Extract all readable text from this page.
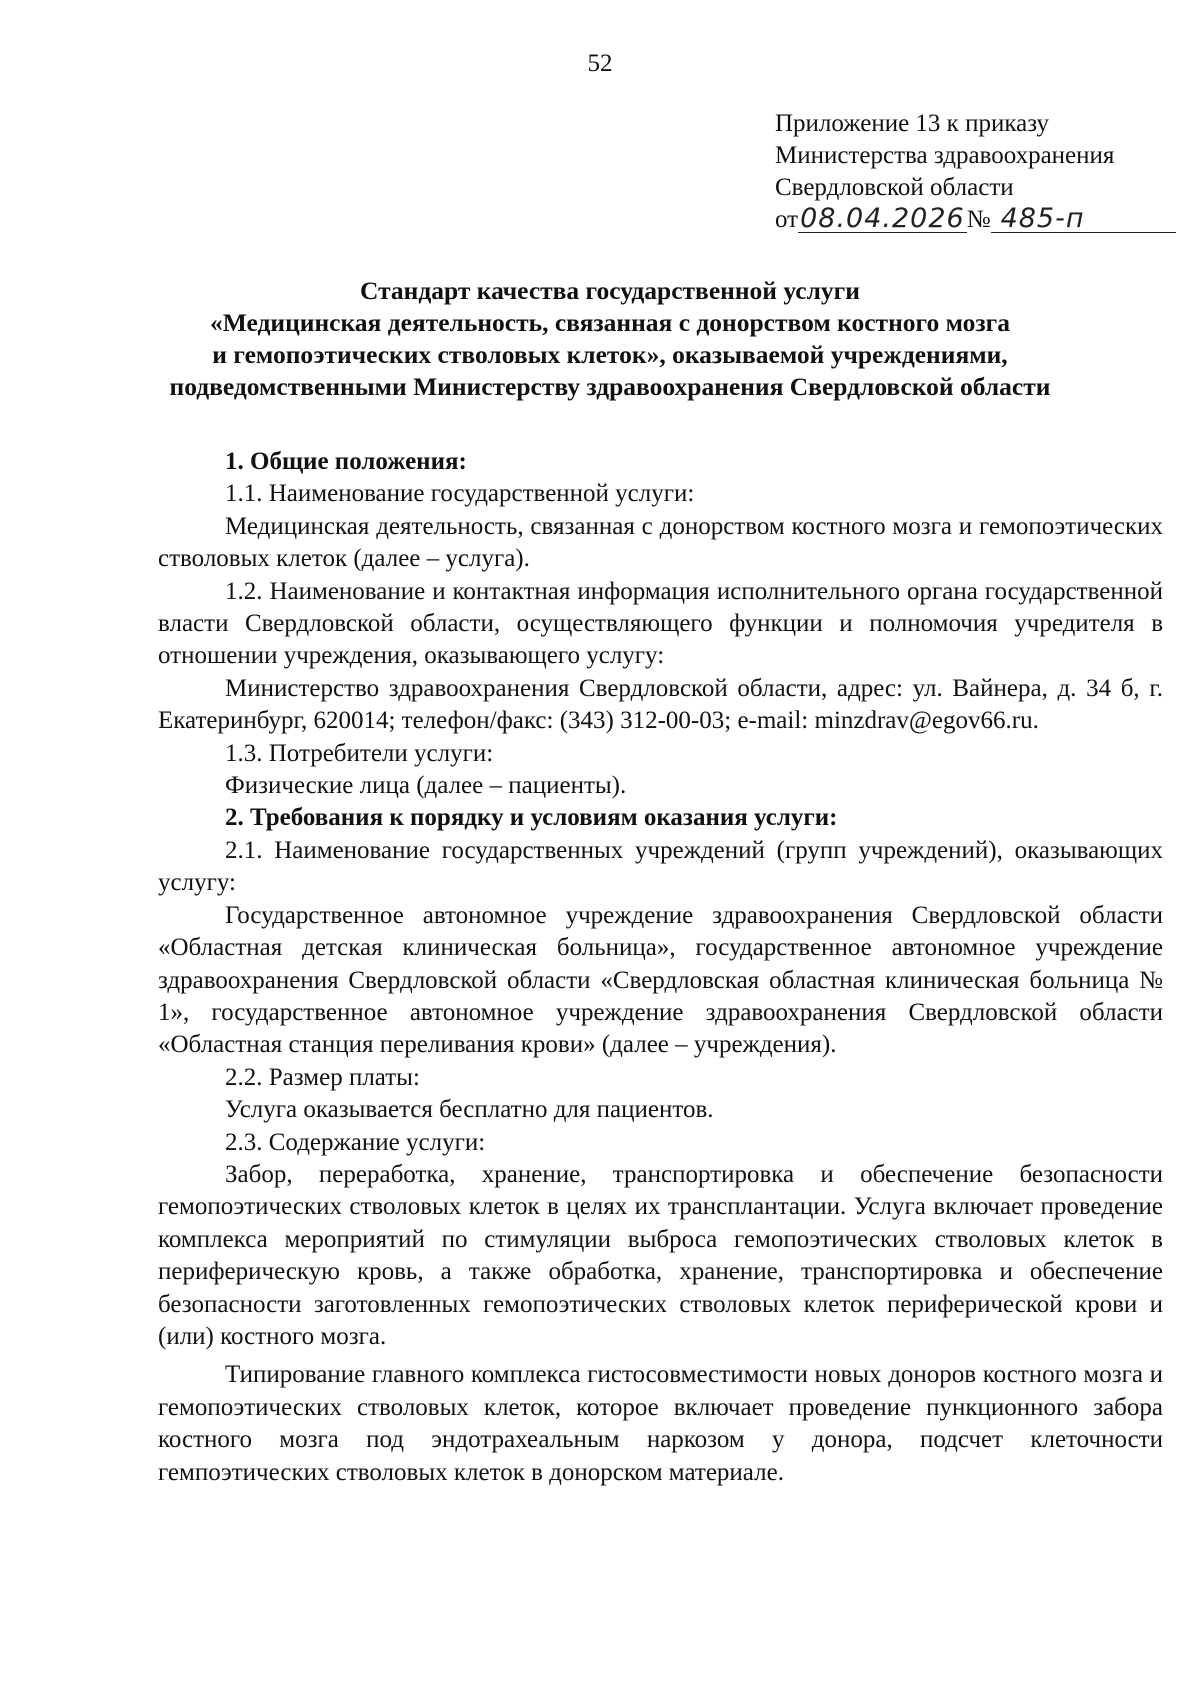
52
Приложение 13 к приказу
Министерства здравоохранения
Свердловской области
от08.04.2026№ 485-п
Стандарт качества государственной услуги
«Медицинская деятельность, связанная с донорством костного мозга
и гемопоэтических стволовых клеток», оказываемой учреждениями,
подведомственными Министерству здравоохранения Свердловской области

1. Общие положения:

1.1. Наименование государственной услуги:

Медицинская деятельность, связанная с донорством костного мозга и гемопоэтических стволовых клеток (далее – услуга).

1.2. Наименование и контактная информация исполнительного органа государственной власти Свердловской области, осуществляющего функции и полномочия учредителя в отношении учреждения, оказывающего услугу:

Министерство здравоохранения Свердловской области, адрес: ул. Вайнера, д. 34 б, г. Екатеринбург, 620014; телефон/факс: (343) 312-00-03; e-mail: minzdrav@egov66.ru.

1.3. Потребители услуги:

Физические лица (далее – пациенты).

2. Требования к порядку и условиям оказания услуги:

2.1. Наименование государственных учреждений (групп учреждений), оказывающих услугу:

Государственное автономное учреждение здравоохранения Свердловской области «Областная детская клиническая больница», государственное автономное учреждение здравоохранения Свердловской области «Свердловская областная клиническая больница № 1», государственное автономное учреждение здравоохранения Свердловской области «Областная станция переливания крови» (далее – учреждения).

2.2. Размер платы:

Услуга оказывается бесплатно для пациентов.

2.3. Содержание услуги:

Забор, переработка, хранение, транспортировка и обеспечение безопасности гемопоэтических стволовых клеток в целях их трансплантации. Услуга включает проведение комплекса мероприятий по стимуляции выброса гемопоэтических стволовых клеток в периферическую кровь, а также обработка, хранение, транспортировка и обеспечение безопасности заготовленных гемопоэтических стволовых клеток периферической крови и (или) костного мозга.

Типирование главного комплекса гистосовместимости новых доноров костного мозга и гемопоэтических стволовых клеток, которое включает проведение пункционного забора костного мозга под эндотрахеальным наркозом у донора, подсчет клеточности гемпоэтических стволовых клеток в донорском материале.
